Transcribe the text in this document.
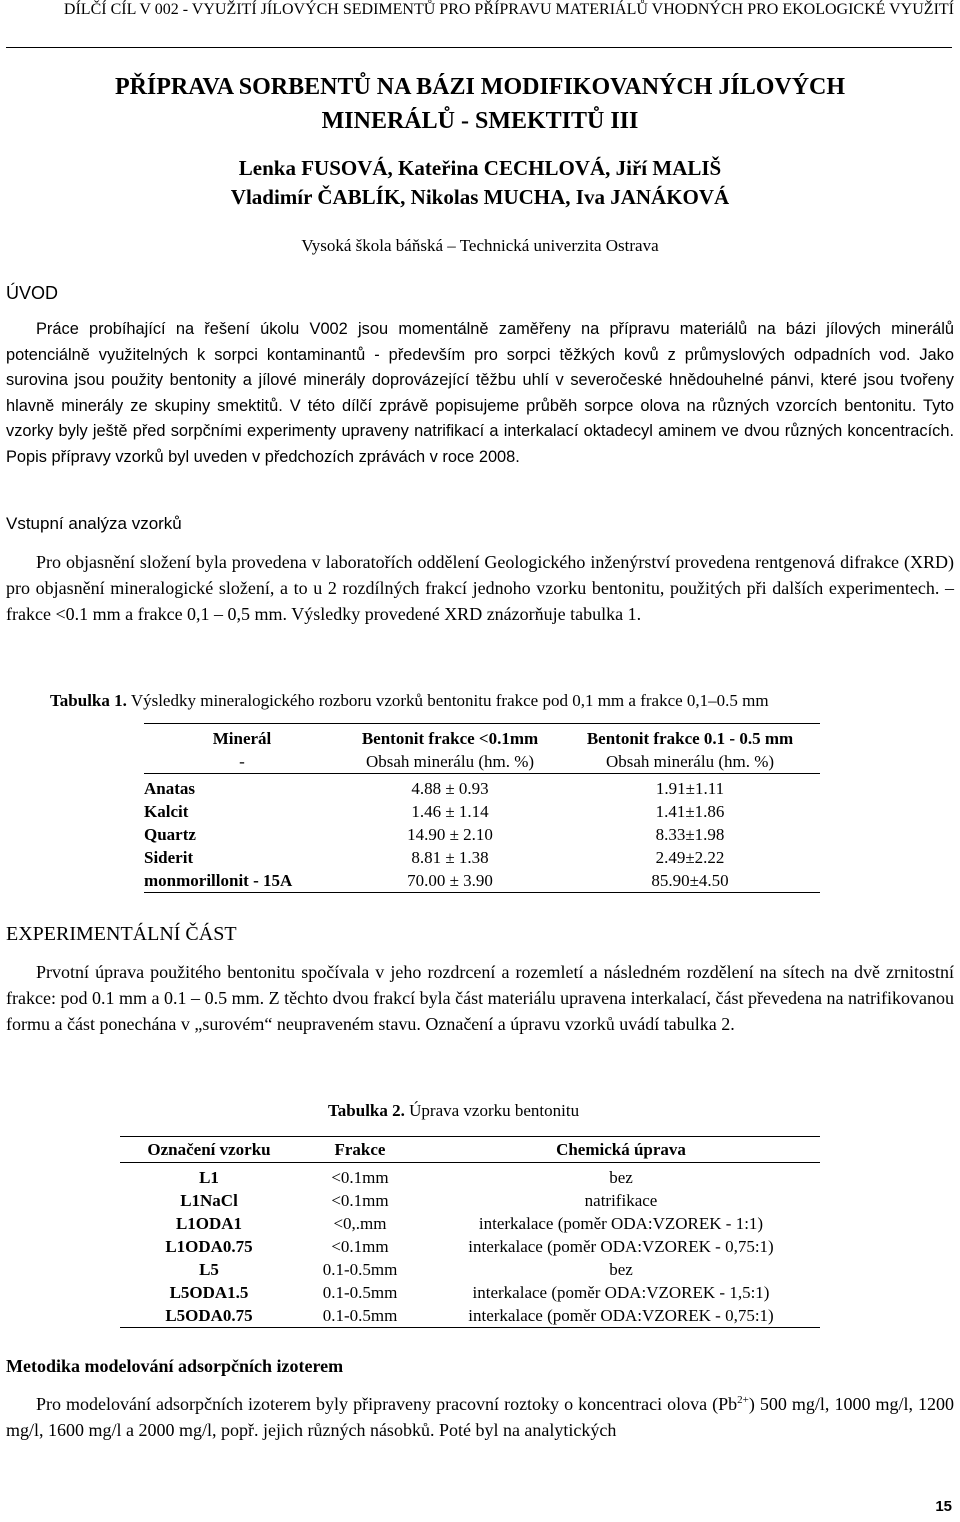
DÍLČÍ CÍL V 002 - VYUŽITÍ JÍLOVÝCH SEDIMENTŮ PRO PŘÍPRAVU MATERIÁLŮ VHODNÝCH PRO EKOLOGICKÉ VYUŽITÍ
PŘÍPRAVA SORBENTŮ NA BÁZI MODIFIKOVANÝCH JÍLOVÝCH
MINERÁLŮ - SMEKTITŮ III
Lenka FUSOVÁ, Kateřina CECHLOVÁ, Jiří MALIŠ
Vladimír ČABLÍK, Nikolas MUCHA, Iva JANÁKOVÁ
Vysoká škola báňská – Technická univerzita Ostrava
ÚVOD

Práce probíhající na řešení úkolu V002 jsou momentálně zaměřeny na přípravu materiálů na bázi jílových minerálů potenciálně využitelných k sorpci kontaminantů - především pro sorpci těžkých kovů z průmyslových odpadních vod. Jako surovina jsou použity bentonity a jílové minerály doprovázející těžbu uhlí v severočeské hnědouhelné pánvi, které jsou tvořeny hlavně minerály ze skupiny smektitů. V této dílčí zprávě popisujeme průběh sorpce olova na různých vzorcích bentonitu. Tyto vzorky byly ještě před sorpčními experimenty upraveny natrifikací a interkalací oktadecyl aminem ve dvou různých koncentracích. Popis přípravy vzorků byl uveden v předchozích zprávách v roce 2008.

Vstupní analýza vzorků

Pro objasnění složení byla provedena v laboratořích oddělení Geologického inženýrství provedena rentgenová difrakce (XRD) pro objasnění mineralogické složení, a to u 2 rozdílných frakcí jednoho vzorku bentonitu, použitých při dalších experimentech. – frakce <0.1 mm a frakce 0,1 – 0,5 mm. Výsledky provedené XRD znázorňuje tabulka 1.

Tabulka 1. Výsledky mineralogického rozboru vzorků bentonitu frakce pod 0,1 mm a frakce 0,1–0.5 mm

Minerál	Bentonit frakce <0.1mm	Bentonit frakce 0.1 - 0.5 mm
-	Obsah minerálu (hm. %)	Obsah minerálu (hm. %)
Anatas	4.88 ± 0.93	1.91±1.11
Kalcit	1.46 ± 1.14	1.41±1.86
Quartz	14.90 ± 2.10	8.33±1.98
Siderit	8.81 ± 1.38	2.49±2.22
monmorillonit - 15A	70.00 ± 3.90	85.90±4.50
EXPERIMENTÁLNÍ ČÁST

Prvotní úprava použitého bentonitu spočívala v jeho rozdrcení a rozemletí a následném rozdělení na sítech na dvě zrnitostní frakce: pod 0.1 mm a 0.1 – 0.5 mm. Z těchto dvou frakcí byla část materiálu upravena interkalací, část převedena na natrifikovanou formu a část ponechána v „surovém“ neupraveném stavu. Označení a úpravu vzorků uvádí tabulka 2.

Tabulka 2. Úprava vzorku bentonitu
Označení vzorku	Frakce	Chemická úprava
L1	<0.1mm	bez
L1NaCl	<0.1mm	natrifikace
L1ODA1	<0,.mm	interkalace (poměr ODA:VZOREK - 1:1)
L1ODA0.75	<0.1mm	interkalace (poměr ODA:VZOREK - 0,75:1)
L5	0.1-0.5mm	bez
L5ODA1.5	0.1-0.5mm	interkalace (poměr ODA:VZOREK - 1,5:1)
L5ODA0.75	0.1-0.5mm	interkalace (poměr ODA:VZOREK - 0,75:1)
Metodika modelování adsorpčních izoterem

Pro modelování adsorpčních izoterem byly připraveny pracovní roztoky o koncentraci olova $(Pb^{2+})$ 500 mg/l, 1000 mg/l, 1200 mg/l, 1600 mg/l a 2000 mg/l, popř. jejich různých násobků. Poté byl na analytických

15
